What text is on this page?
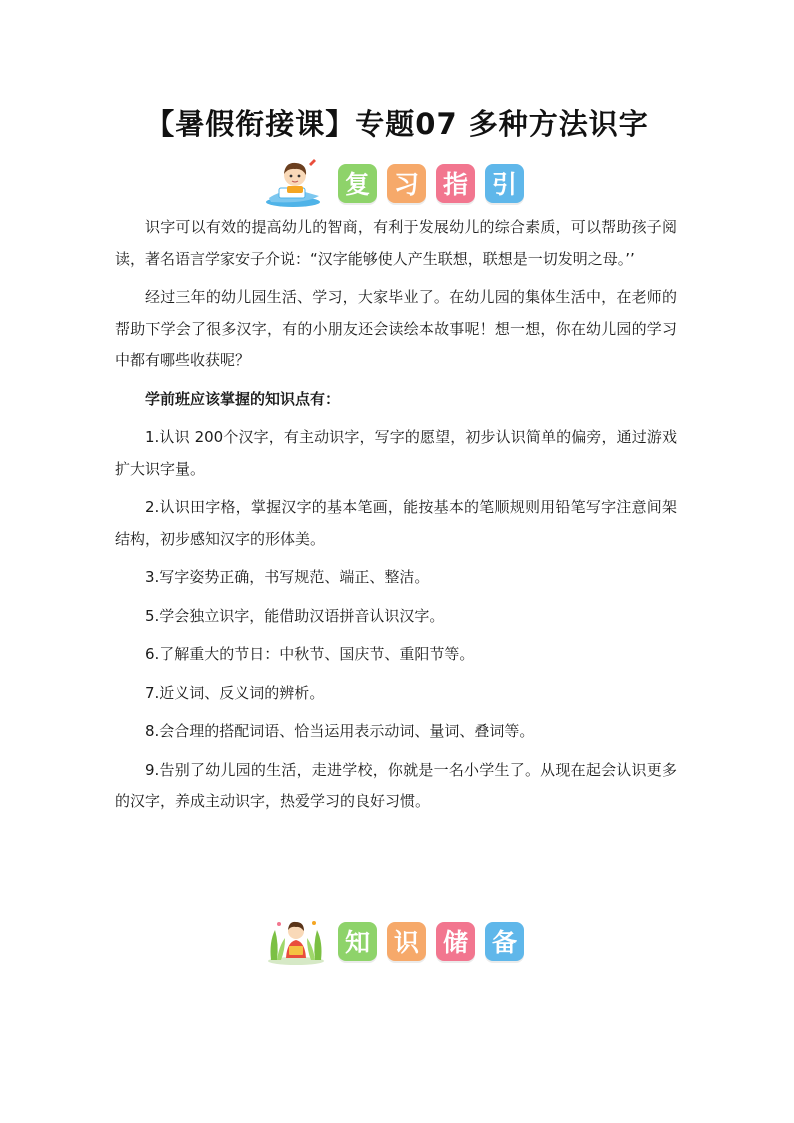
【暑假衔接课】专题07 多种方法识字
复 习 指 引

识字可以有效的提高幼儿的智商，有利于发展幼儿的综合素质，可以帮助孩子阅读，著名语言学家安子介说：“汉字能够使人产生联想，联想是一切发明之母。’’

经过三年的幼儿园生活、学习，大家毕业了。在幼儿园的集体生活中，在老师的帮助下学会了很多汉字，有的小朋友还会读绘本故事呢！想一想，你在幼儿园的学习中都有哪些收获呢？

学前班应该掌握的知识点有：

1.认识 200个汉字，有主动识字，写字的愿望，初步认识简单的偏旁，通过游戏扩大识字量。

2.认识田字格，掌握汉字的基本笔画，能按基本的笔顺规则用铅笔写字注意间架结构，初步感知汉字的形体美。

3.写字姿势正确，书写规范、端正、整洁。

5.学会独立识字，能借助汉语拼音认识汉字。

6.了解重大的节日：中秋节、国庆节、重阳节等。

7.近义词、反义词的辨析。

8.会合理的搭配词语、恰当运用表示动词、量词、叠词等。

9.告别了幼儿园的生活，走进学校，你就是一名小学生了。从现在起会认识更多的汉字，养成主动识字，热爱学习的良好习惯。

知 识 储 备
